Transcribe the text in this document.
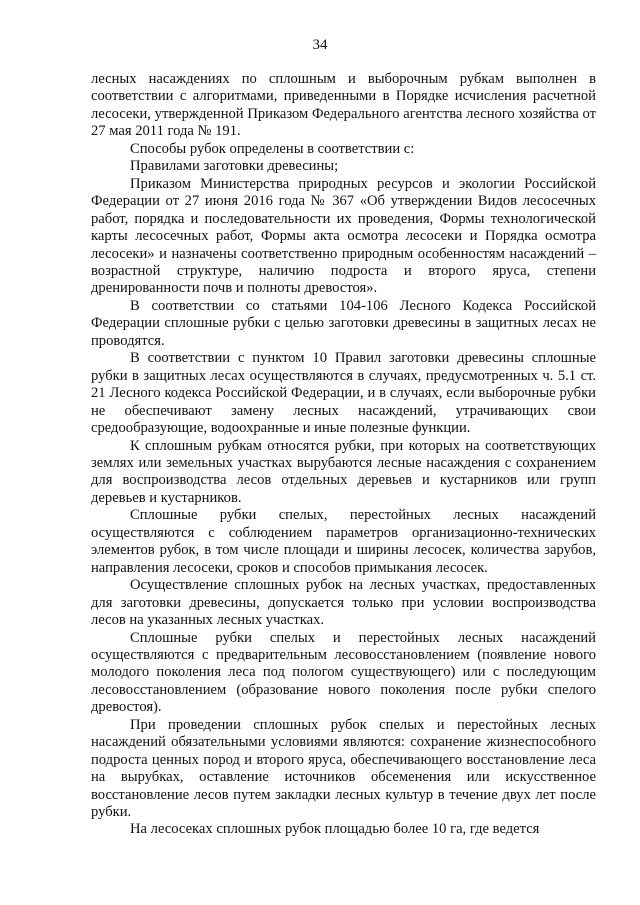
34

лесных насаждениях по сплошным и выборочным рубкам выполнен в соответствии с алгоритмами, приведенными в Порядке исчисления расчетной лесосеки, утвержденной Приказом Федерального агентства лесного хозяйства от 27 мая 2011 года № 191.

Способы рубок определены в соответствии с:

Правилами заготовки древесины;

Приказом Министерства природных ресурсов и экологии Российской Федерации от 27 июня 2016 года № 367 «Об утверждении Видов лесосечных работ, порядка и последовательности их проведения, Формы технологической карты лесосечных работ, Формы акта осмотра лесосеки и Порядка осмотра лесосеки» и назначены соответственно природным особенностям насаждений – возрастной структуре, наличию подроста и второго яруса, степени дренированности почв и полноты древостоя».

В соответствии со статьями 104-106 Лесного Кодекса Российской Федерации сплошные рубки с целью заготовки древесины в защитных лесах не проводятся.

В соответствии с пунктом 10 Правил заготовки древесины сплошные рубки в защитных лесах осуществляются в случаях, предусмотренных ч. 5.1 ст. 21 Лесного кодекса Российской Федерации, и в случаях, если выборочные рубки не обеспечивают замену лесных насаждений, утрачивающих свои средообразующие, водоохранные и иные полезные функции.

К сплошным рубкам относятся рубки, при которых на соответствующих землях или земельных участках вырубаются лесные насаждения с сохранением для воспроизводства лесов отдельных деревьев и кустарников или групп деревьев и кустарников.

Сплошные рубки спелых, перестойных лесных насаждений осуществляются с соблюдением параметров организационно-технических элементов рубок, в том числе площади и ширины лесосек, количества зарубов, направления лесосеки, сроков и способов примыкания лесосек.

Осуществление сплошных рубок на лесных участках, предоставленных для заготовки древесины, допускается только при условии воспроизводства лесов на указанных лесных участках.

Сплошные рубки спелых и перестойных лесных насаждений осуществляются с предварительным лесовосстановлением (появление нового молодого поколения леса под пологом существующего) или с последующим лесовосстановлением (образование нового поколения после рубки спелого древостоя).

При проведении сплошных рубок спелых и перестойных лесных насаждений обязательными условиями являются: сохранение жизнеспособного подроста ценных пород и второго яруса, обеспечивающего восстановление леса на вырубках, оставление источников обсеменения или искусственное восстановление лесов путем закладки лесных культур в течение двух лет после рубки.

На лесосеках сплошных рубок площадью более 10 га, где ведется
